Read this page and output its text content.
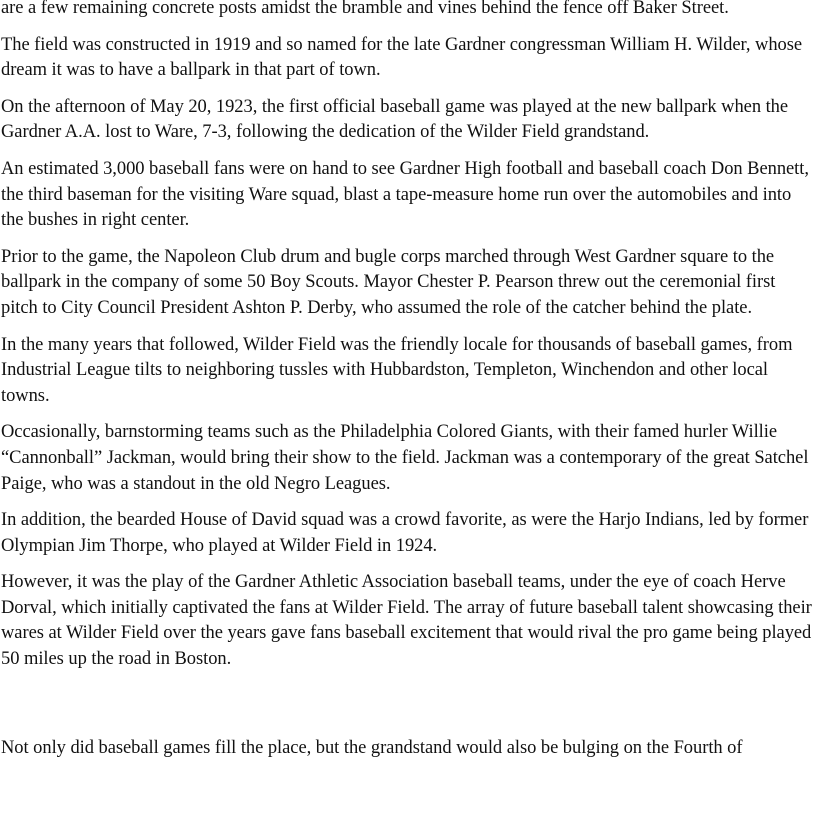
are a few remaining concrete posts amidst the bramble and vines behind the fence off Baker Street.

The field was constructed in 1919 and so named for the late Gardner congressman William H. Wilder, whose dream it was to have a ballpark in that part of town.

On the afternoon of May 20, 1923, the first official baseball game was played at the new ballpark when the Gardner A.A. lost to Ware, 7-3, following the dedication of the Wilder Field grandstand.

An estimated 3,000 baseball fans were on hand to see Gardner High football and baseball coach Don Bennett, the third baseman for the visiting Ware squad, blast a tape-measure home run over the automobiles and into the bushes in right center.

Prior to the game, the Napoleon Club drum and bugle corps marched through West Gardner square to the ballpark in the company of some 50 Boy Scouts. Mayor Chester P. Pearson threw out the ceremonial first pitch to City Council President Ashton P. Derby, who assumed the role of the catcher behind the plate.

In the many years that followed, Wilder Field was the friendly locale for thousands of baseball games, from Industrial League tilts to neighboring tussles with Hubbardston, Templeton, Winchendon and other local towns.

Occasionally, barnstorming teams such as the Philadelphia Colored Giants, with their famed hurler Willie “Cannonball” Jackman, would bring their show to the field. Jackman was a contemporary of the great Satchel Paige, who was a standout in the old Negro Leagues.

In addition, the bearded House of David squad was a crowd favorite, as were the Harjo Indians, led by former Olympian Jim Thorpe, who played at Wilder Field in 1924.

However, it was the play of the Gardner Athletic Association baseball teams, under the eye of coach Herve Dorval, which initially captivated the fans at Wilder Field. The array of future baseball talent showcasing their wares at Wilder Field over the years gave fans baseball excitement that would rival the pro game being played 50 miles up the road in Boston.

Not only did baseball games fill the place, but the grandstand would also be bulging on the Fourth of
